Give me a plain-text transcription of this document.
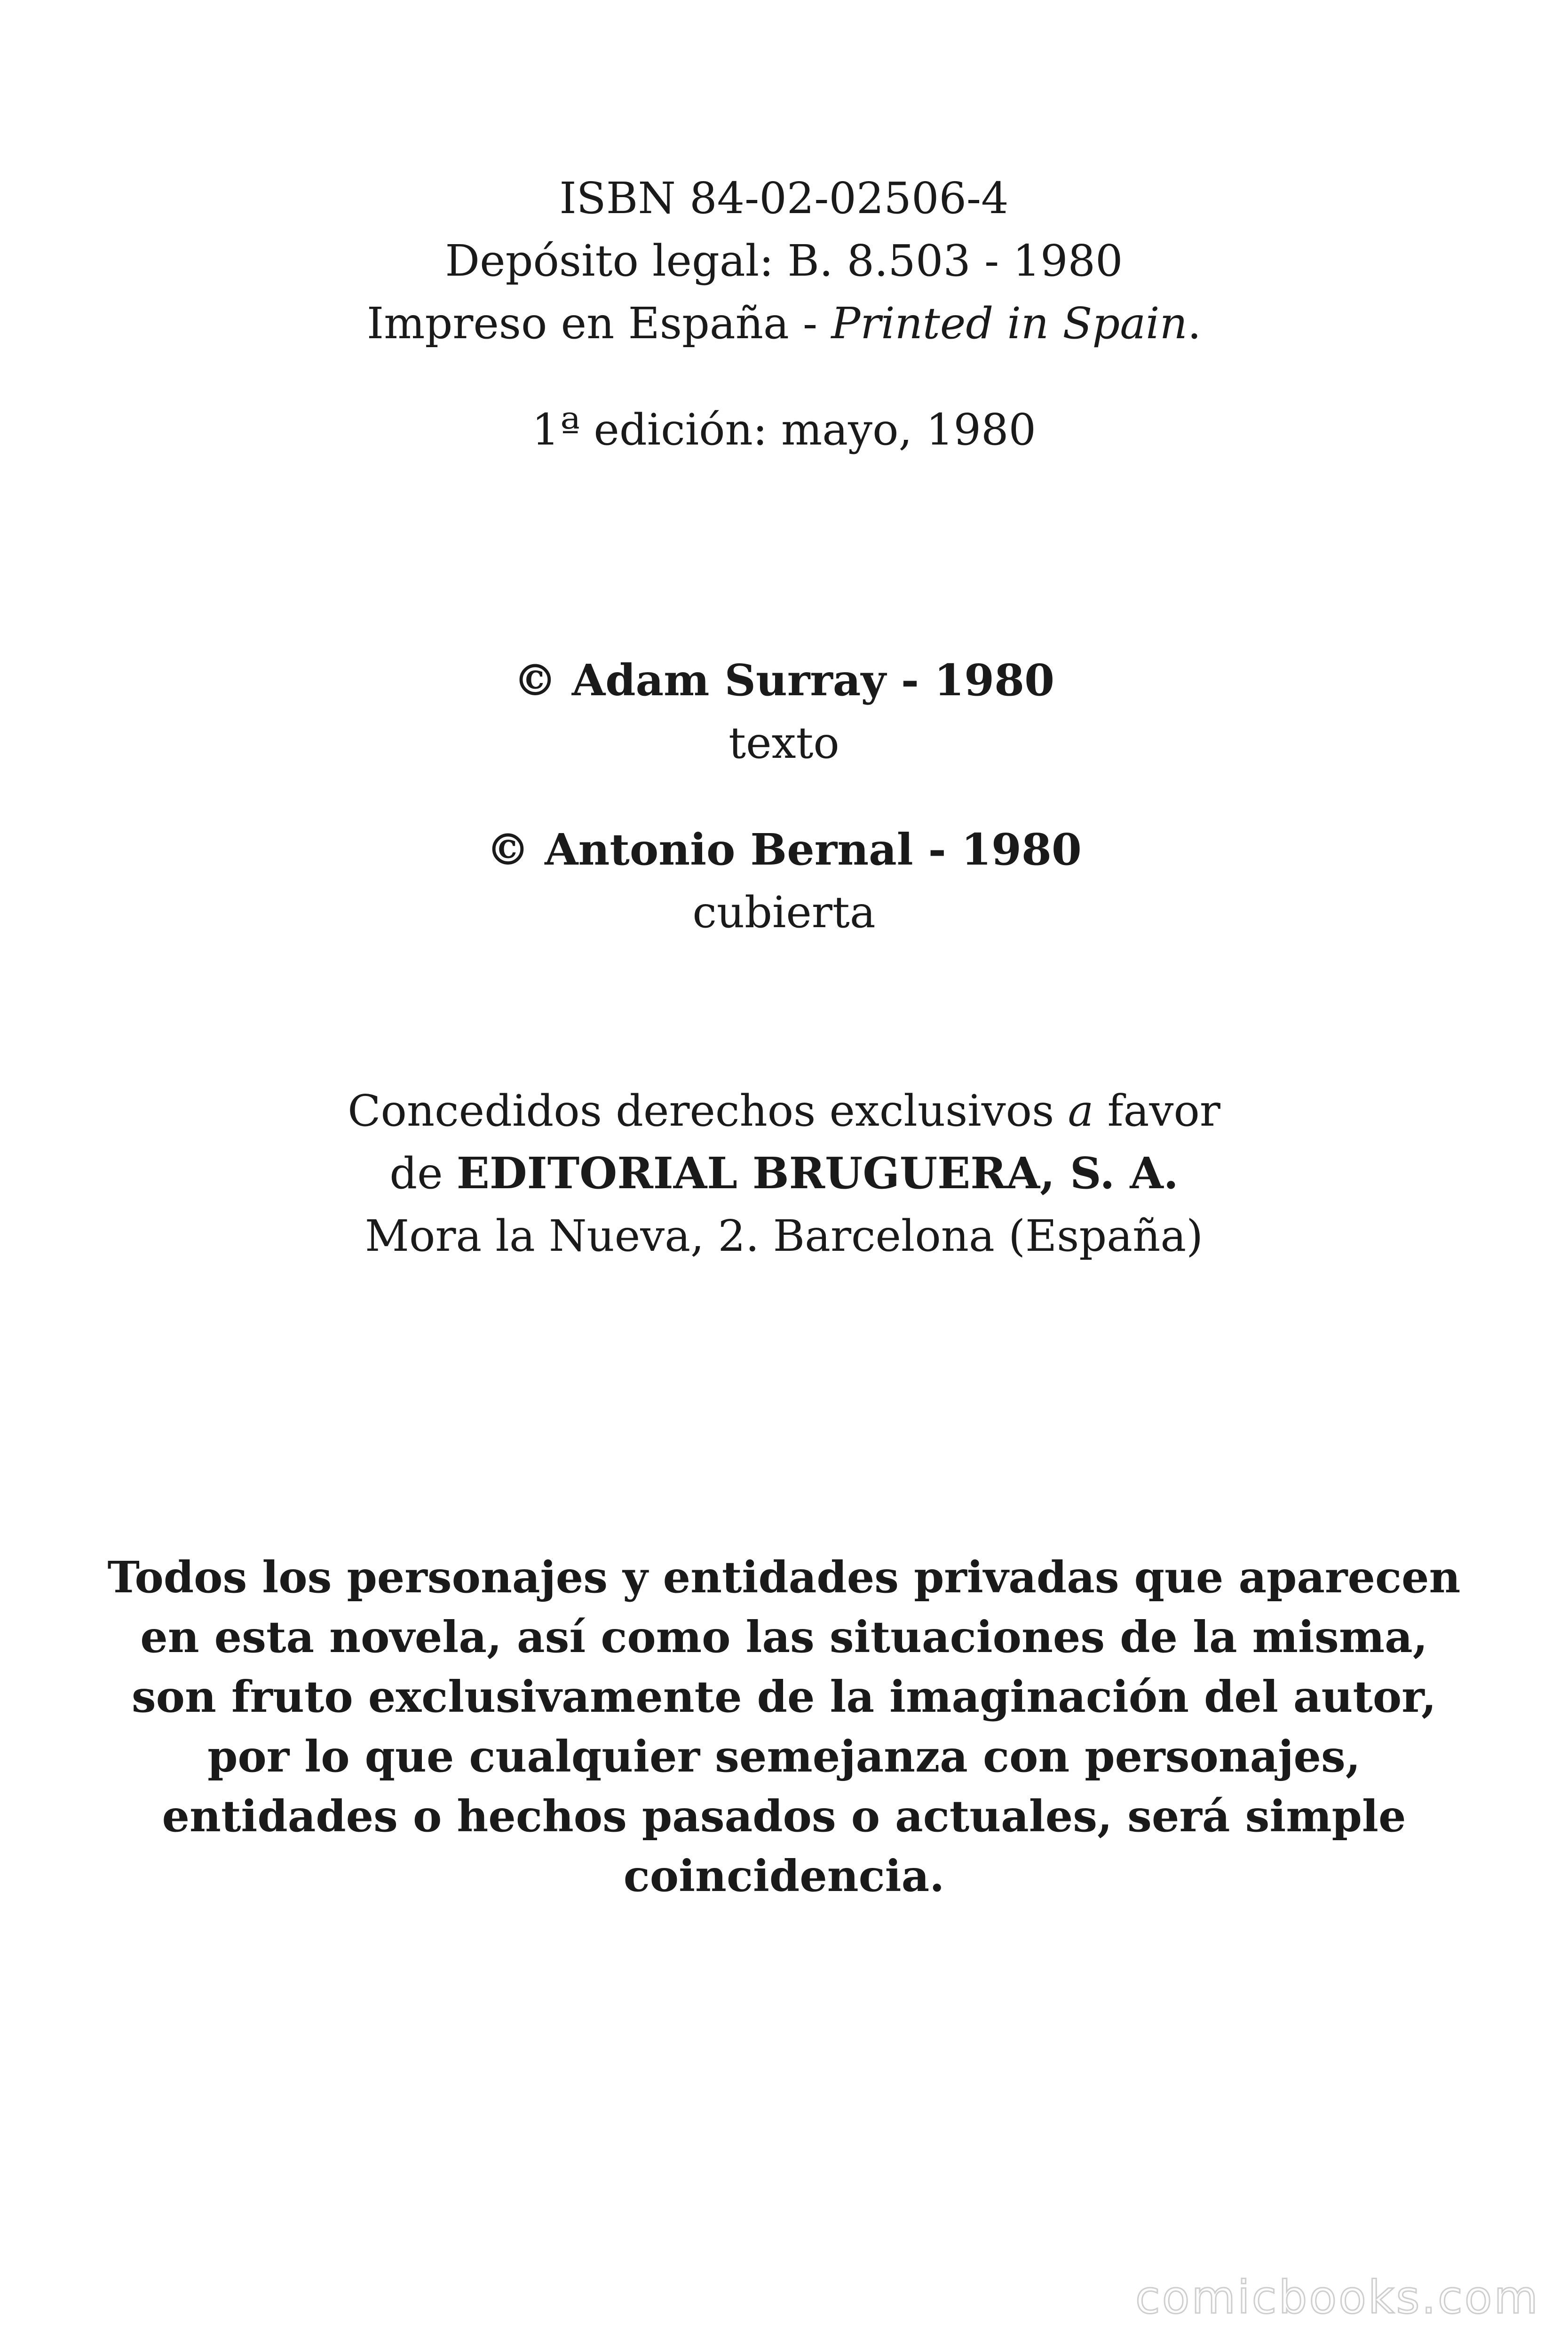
ISBN 84-02-02506-4
Depósito legal: B. 8.503 - 1980
Impreso en España - Printed in Spain.
1ª edición: mayo, 1980
© Adam Surray - 1980
texto
© Antonio Bernal - 1980
cubierta
Concedidos derechos exclusivos a favor
de EDITORIAL BRUGUERA, S. A.
Mora la Nueva, 2. Barcelona (España)
Todos los personajes y entidades privadas que aparecen
en esta novela, así como las situaciones de la misma,
son fruto exclusivamente de la imaginación del autor,
por lo que cualquier semejanza con personajes,
entidades o hechos pasados o actuales, será simple
coincidencia.
comicbooks.com
